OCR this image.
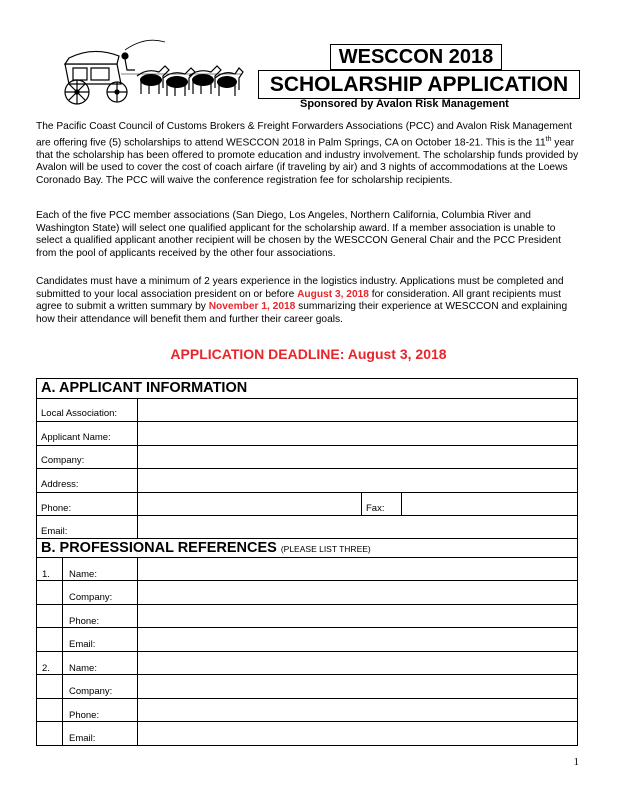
WESCCON 2018
SCHOLARSHIP APPLICATION
Sponsored by Avalon Risk Management

The Pacific Coast Council of Customs Brokers & Freight Forwarders Associations (PCC) and Avalon Risk Management are offering five (5) scholarships to attend WESCCON 2018 in Palm Springs, CA on October 18-21. This is the 11th year that the scholarship has been offered to promote education and industry involvement. The scholarship funds provided by Avalon will be used to cover the cost of coach airfare (if traveling by air) and 3 nights of accommodations at the Loews Coronado Bay. The PCC will waive the conference registration fee for scholarship recipients.

Each of the five PCC member associations (San Diego, Los Angeles, Northern California, Columbia River and Washington State) will select one qualified applicant for the scholarship award. If a member association is unable to select a qualified applicant another recipient will be chosen by the WESCCON General Chair and the PCC President from the pool of applicants received by the other four associations.

Candidates must have a minimum of 2 years experience in the logistics industry. Applications must be completed and submitted to your local association president on or before August 3, 2018 for consideration. All grant recipients must agree to submit a written summary by November 1, 2018 summarizing their experience at WESCCON and explaining how their attendance will benefit them and further their career goals.

APPLICATION DEADLINE: August 3, 2018
A. APPLICANT INFORMATION
Local Association:
Applicant Name:
Company:
Address:
Phone:	Fax:
Email:
B. PROFESSIONAL REFERENCES (PLEASE LIST THREE)
1. Name:
Company:
Phone:
Email:
2. Name:
Company:
Phone:
Email:
1
